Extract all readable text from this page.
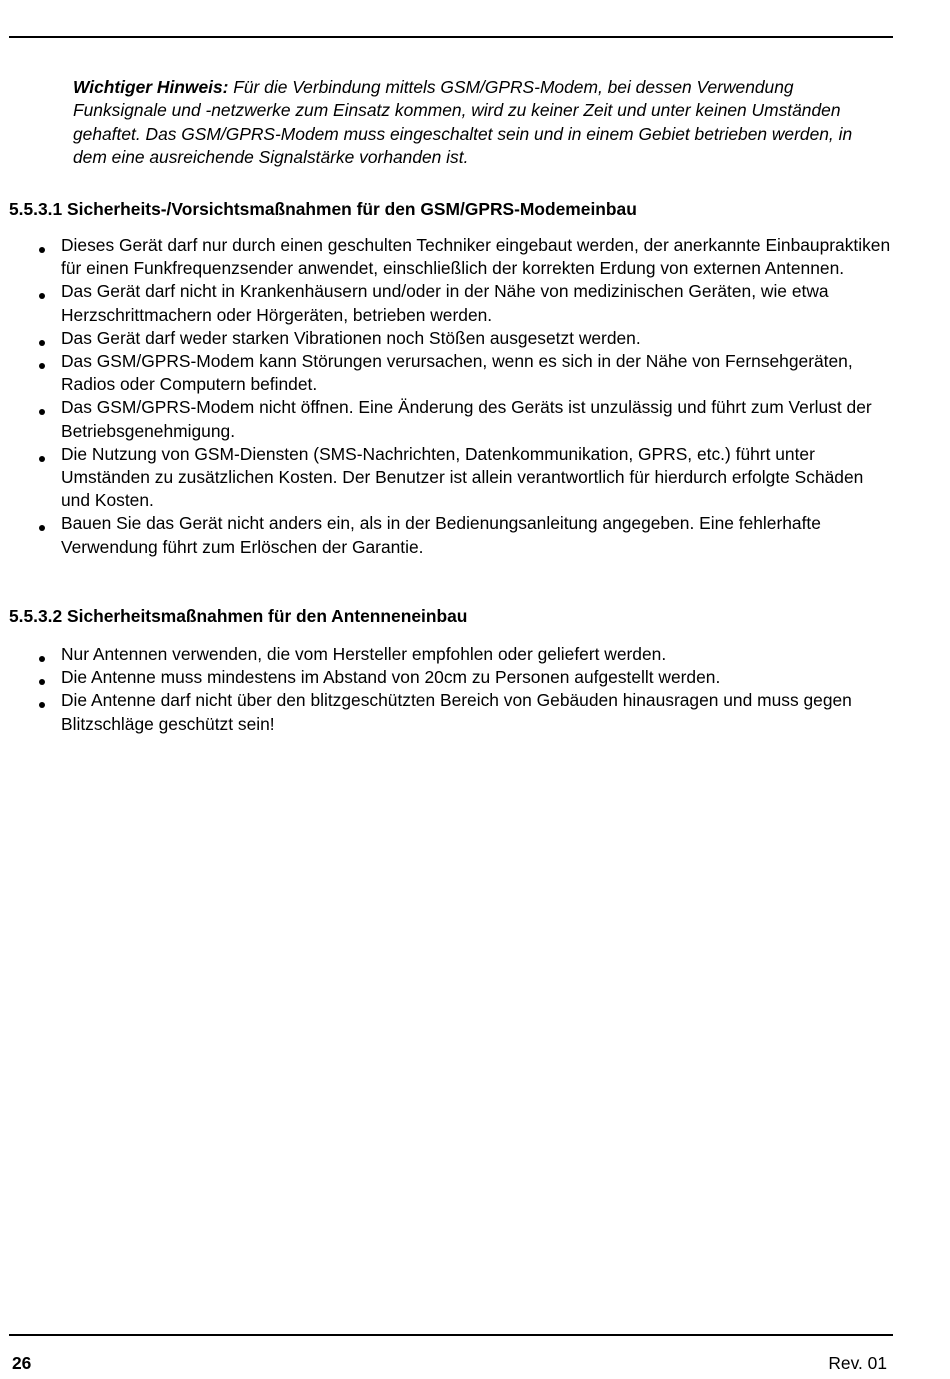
Wichtiger Hinweis: Für die Verbindung mittels GSM/GPRS-Modem, bei dessen Verwendung Funksignale und -netzwerke zum Einsatz kommen, wird zu keiner Zeit und unter keinen Umständen gehaftet. Das GSM/GPRS-Modem muss eingeschaltet sein und in einem Gebiet betrieben werden, in dem eine ausreichende Signalstärke vorhanden ist.

5.5.3.1 Sicherheits-/Vorsichtsmaßnahmen für den GSM/GPRS-Modemeinbau
Dieses Gerät darf nur durch einen geschulten Techniker eingebaut werden, der anerkannte Einbaupraktiken für einen Funkfrequenzsender anwendet, einschließlich der korrekten Erdung von externen Antennen.
Das Gerät darf nicht in Krankenhäusern und/oder in der Nähe von medizinischen Geräten, wie etwa Herzschrittmachern oder Hörgeräten, betrieben werden.
Das Gerät darf weder starken Vibrationen noch Stößen ausgesetzt werden.
Das GSM/GPRS-Modem kann Störungen verursachen, wenn es sich in der Nähe von Fernsehgeräten, Radios oder Computern befindet.
Das GSM/GPRS-Modem nicht öffnen. Eine Änderung des Geräts ist unzulässig und führt zum Verlust der Betriebsgenehmigung.
Die Nutzung von GSM-Diensten (SMS-Nachrichten, Datenkommunikation, GPRS, etc.) führt unter Umständen zu zusätzlichen Kosten. Der Benutzer ist allein verantwortlich für hierdurch erfolgte Schäden und Kosten.
Bauen Sie das Gerät nicht anders ein, als in der Bedienungsanleitung angegeben. Eine fehlerhafte Verwendung führt zum Erlöschen der Garantie.
5.5.3.2 Sicherheitsmaßnahmen für den Antenneneinbau
Nur Antennen verwenden, die vom Hersteller empfohlen oder geliefert werden.
Die Antenne muss mindestens im Abstand von 20cm zu Personen aufgestellt werden.
Die Antenne darf nicht über den blitzgeschützten Bereich von Gebäuden hinausragen und muss gegen Blitzschläge geschützt sein!
26	Rev. 01
